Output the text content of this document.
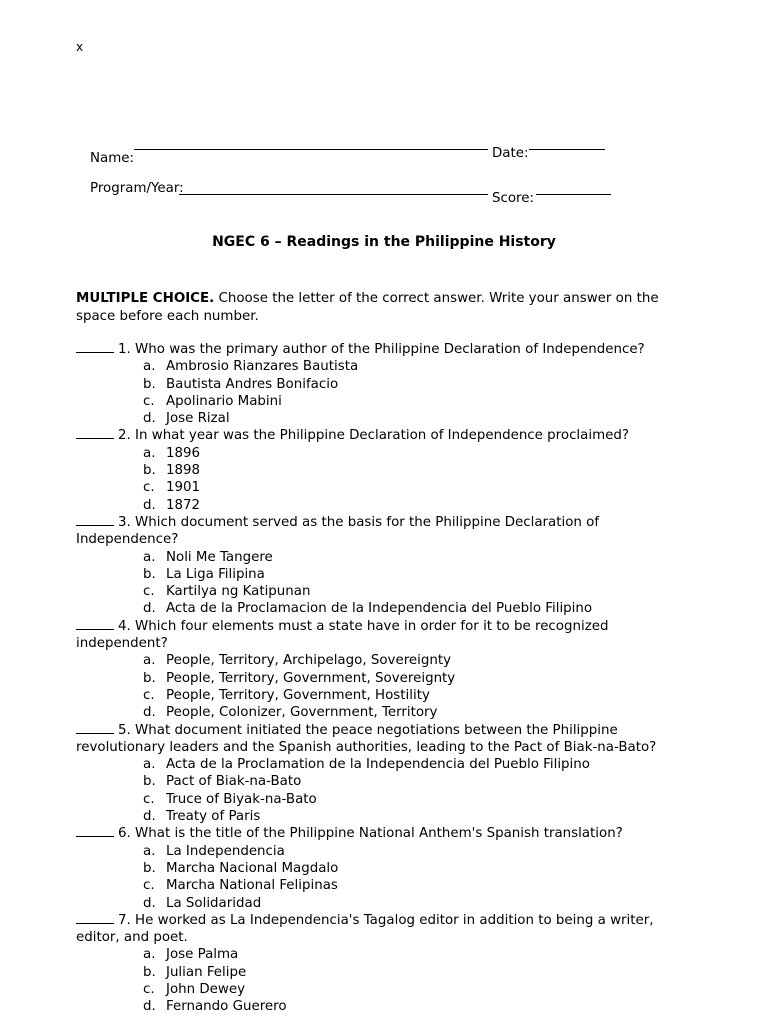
x
Name:	Date:
Program/Year:
Score:
NGEC 6 – Readings in the Philippine History
MULTIPLE CHOICE. Choose the letter of the correct answer. Write your answer on the space before each number.
1. Who was the primary author of the Philippine Declaration of Independence?
a. Ambrosio Rianzares Bautista
b. Bautista Andres Bonifacio
c. Apolinario Mabini
d. Jose Rizal
2. In what year was the Philippine Declaration of Independence proclaimed?
a. 1896
b. 1898
c. 1901
d. 1872
3. Which document served as the basis for the Philippine Declaration of Independence?
a. Noli Me Tangere
b. La Liga Filipina
c. Kartilya ng Katipunan
d. Acta de la Proclamacion de la Independencia del Pueblo Filipino
4. Which four elements must a state have in order for it to be recognized independent?
a. People, Territory, Archipelago, Sovereignty
b. People, Territory, Government, Sovereignty
c. People, Territory, Government, Hostility
d. People, Colonizer, Government, Territory
5. What document initiated the peace negotiations between the Philippine revolutionary leaders and the Spanish authorities, leading to the Pact of Biak-na-Bato?
a. Acta de la Proclamation de la Independencia del Pueblo Filipino
b. Pact of Biak-na-Bato
c. Truce of Biyak-na-Bato
d. Treaty of Paris
6. What is the title of the Philippine National Anthem's Spanish translation?
a. La Independencia
b. Marcha Nacional Magdalo
c. Marcha National Felipinas
d. La Solidaridad
7. He worked as La Independencia's Tagalog editor in addition to being a writer, editor, and poet.
a. Jose Palma
b. Julian Felipe
c. John Dewey
d. Fernando Guerero
